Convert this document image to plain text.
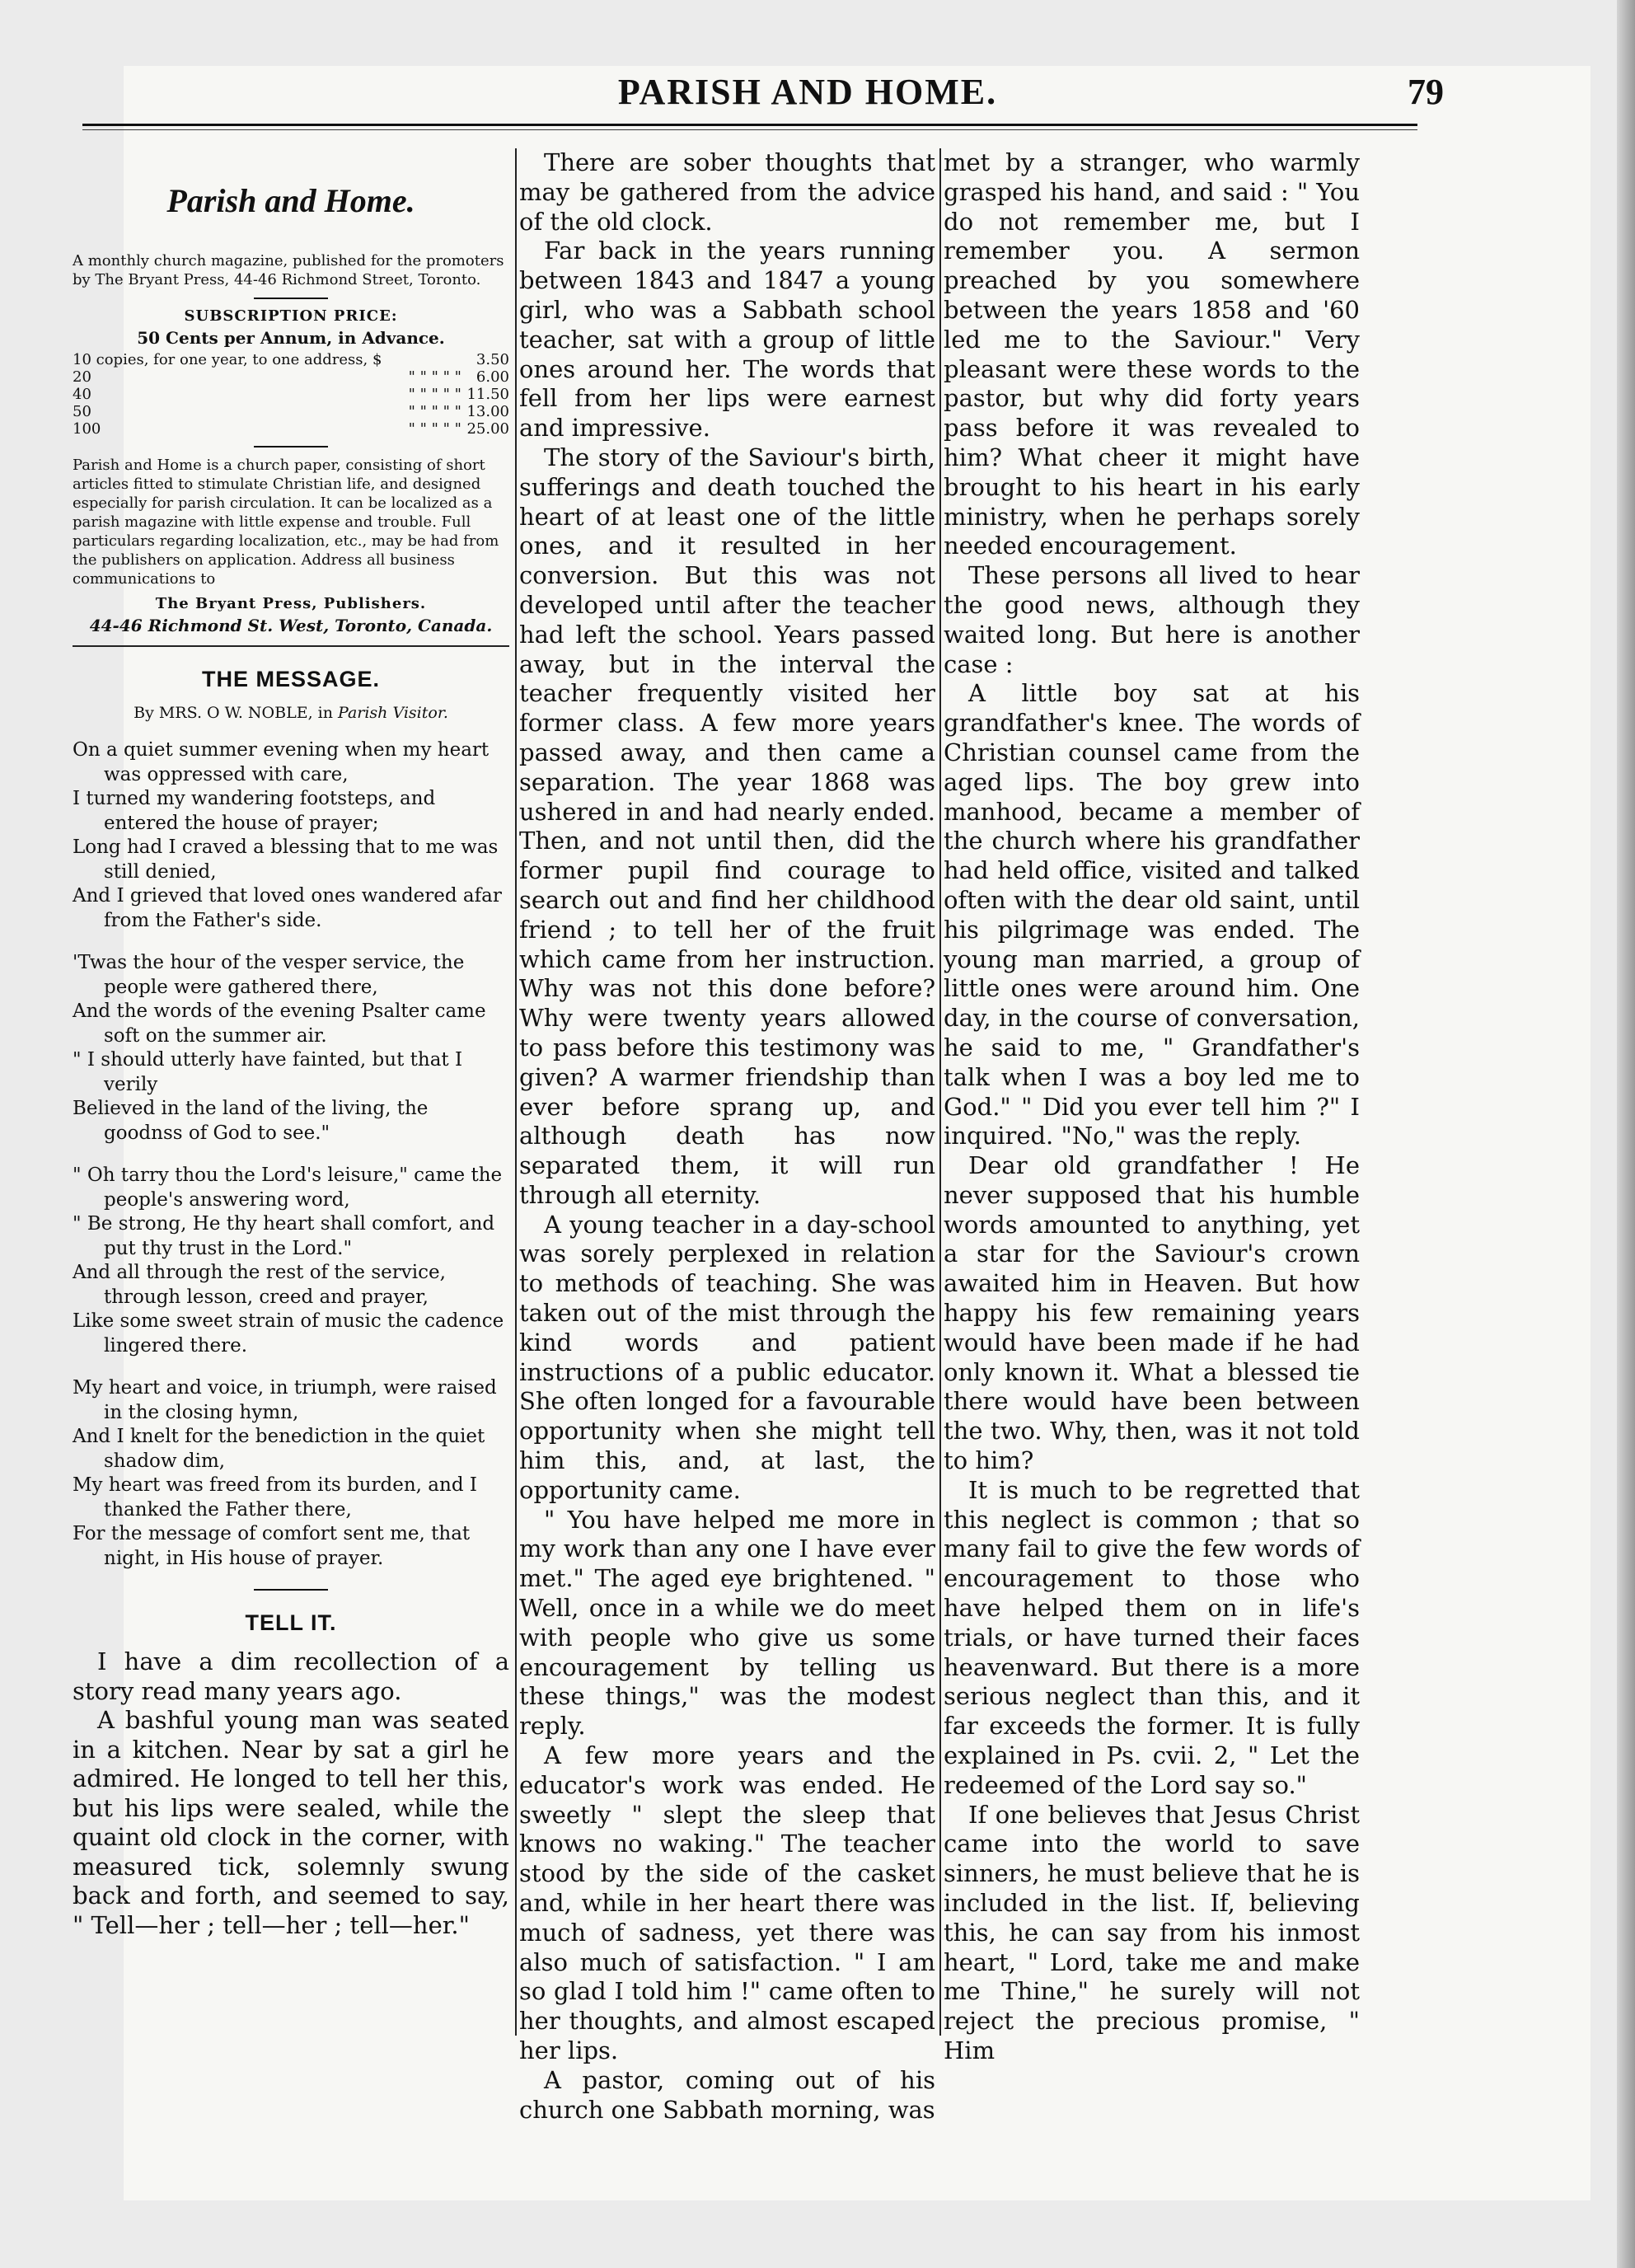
PARISH AND HOME.	79
Parish and Home.

A monthly church magazine, published for the promoters by The Bryant Press, 44-46 Richmond Street, Toronto.

SUBSCRIPTION PRICE:
50 Cents per Annum, in Advance.
10 copies, for one year, to one address, $		3.50
20	" " " " "	6.00
40	" " " " "	11.50
50	" " " " "	13.00
100	" " " " "	25.00

Parish and Home is a church paper, consisting of short articles fitted to stimulate Christian life, and designed especially for parish circulation. It can be localized as a parish magazine with little expense and trouble. Full particulars regarding localization, etc., may be had from the publishers on application. Address all business communications to

The Bryant Press, Publishers.
44-46 Richmond St. West, Toronto, Canada.
THE MESSAGE.

By MRS. O W. NOBLE, in Parish Visitor.

On a quiet summer evening when my heart was oppressed with care,

I turned my wandering footsteps, and entered the house of prayer;

Long had I craved a blessing that to me was still denied,

And I grieved that loved ones wandered afar from the Father's side.

'Twas the hour of the vesper service, the people were gathered there,

And the words of the evening Psalter came soft on the summer air.

" I should utterly have fainted, but that I verily

Believed in the land of the living, the goodnss of God to see."

" Oh tarry thou the Lord's leisure," came the people's answering word,

" Be strong, He thy heart shall comfort, and put thy trust in the Lord."

And all through the rest of the service, through lesson, creed and prayer,

Like some sweet strain of music the cadence lingered there.

My heart and voice, in triumph, were raised in the closing hymn,

And I knelt for the benediction in the quiet shadow dim,

My heart was freed from its burden, and I thanked the Father there,

For the message of comfort sent me, that night, in His house of prayer.

TELL IT.

I have a dim recollection of a story read many years ago.

A bashful young man was seated in a kitchen. Near by sat a girl he admired. He longed to tell her this, but his lips were sealed, while the quaint old clock in the corner, with measured tick, solemnly swung back and forth, and seemed to say, " Tell—her ; tell—her ; tell—her."

There are sober thoughts that may be gathered from the advice of the old clock.

Far back in the years running between 1843 and 1847 a young girl, who was a Sabbath school teacher, sat with a group of little ones around her. The words that fell from her lips were earnest and impressive.

The story of the Saviour's birth, sufferings and death touched the heart of at least one of the little ones, and it resulted in her conversion. But this was not developed until after the teacher had left the school. Years passed away, but in the interval the teacher frequently visited her former class. A few more years passed away, and then came a separation. The year 1868 was ushered in and had nearly ended. Then, and not until then, did the former pupil find courage to search out and find her childhood friend ; to tell her of the fruit which came from her instruction. Why was not this done before? Why were twenty years allowed to pass before this testimony was given? A warmer friendship than ever before sprang up, and although death has now separated them, it will run through all eternity.

A young teacher in a day-school was sorely perplexed in relation to methods of teaching. She was taken out of the mist through the kind words and patient instructions of a public educator. She often longed for a favourable opportunity when she might tell him this, and, at last, the opportunity came.

" You have helped me more in my work than any one I have ever met." The aged eye brightened. " Well, once in a while we do meet with people who give us some encouragement by telling us these things," was the modest reply.

A few more years and the educator's work was ended. He sweetly " slept the sleep that knows no waking." The teacher stood by the side of the casket and, while in her heart there was much of sadness, yet there was also much of satisfaction. " I am so glad I told him !" came often to her thoughts, and almost escaped her lips.

A pastor, coming out of his church one Sabbath morning, was

met by a stranger, who warmly grasped his hand, and said : " You do not remember me, but I remember you. A sermon preached by you somewhere between the years 1858 and '60 led me to the Saviour." Very pleasant were these words to the pastor, but why did forty years pass before it was revealed to him? What cheer it might have brought to his heart in his early ministry, when he perhaps sorely needed encouragement.

These persons all lived to hear the good news, although they waited long. But here is another case :

A little boy sat at his grandfather's knee. The words of Christian counsel came from the aged lips. The boy grew into manhood, became a member of the church where his grandfather had held office, visited and talked often with the dear old saint, until his pilgrimage was ended. The young man married, a group of little ones were around him. One day, in the course of conversation, he said to me, " Grandfather's talk when I was a boy led me to God." " Did you ever tell him ?" I inquired. "No," was the reply.

Dear old grandfather ! He never supposed that his humble words amounted to anything, yet a star for the Saviour's crown awaited him in Heaven. But how happy his few remaining years would have been made if he had only known it. What a blessed tie there would have been between the two. Why, then, was it not told to him?

It is much to be regretted that this neglect is common ; that so many fail to give the few words of encouragement to those who have helped them on in life's trials, or have turned their faces heavenward. But there is a more serious neglect than this, and it far exceeds the former. It is fully explained in Ps. cvii. 2, " Let the redeemed of the Lord say so."

If one believes that Jesus Christ came into the world to save sinners, he must believe that he is included in the list. If, believing this, he can say from his inmost heart, " Lord, take me and make me Thine," he surely will not reject the precious promise, " Him
